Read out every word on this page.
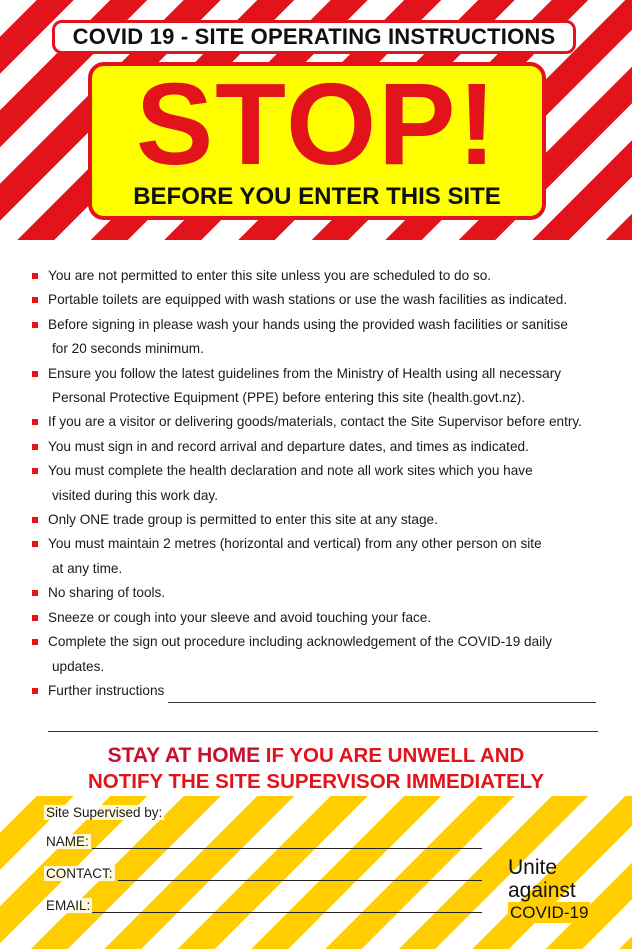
COVID 19 - SITE OPERATING INSTRUCTIONS
STOP!
BEFORE YOU ENTER THIS SITE
You are not permitted to enter this site unless you are scheduled to do so.
Portable toilets are equipped with wash stations or use the wash facilities as indicated.
Before signing in please wash your hands using the provided wash facilities or sanitise
for 20 seconds minimum.
Ensure you follow the latest guidelines from the Ministry of Health using all necessary
Personal Protective Equipment (PPE) before entering this site (health.govt.nz).
If you are a visitor or delivering goods/materials, contact the Site Supervisor before entry.
You must sign in and record arrival and departure dates, and times as indicated.
You must complete the health declaration and note all work sites which you have
visited during this work day.
Only ONE trade group is permitted to enter this site at any stage.
You must maintain 2 metres (horizontal and vertical) from any other person on site
at any time.
No sharing of tools.
Sneeze or cough into your sleeve and avoid touching your face.
Complete the sign out procedure including acknowledgement of the COVID-19 daily
updates.
Further instructions
STAY AT HOME IF YOU ARE UNWELL AND
NOTIFY THE SITE SUPERVISOR IMMEDIATELY
Site Supervised by:
NAME:
CONTACT:
EMAIL:
Unite
against
COVID-19
